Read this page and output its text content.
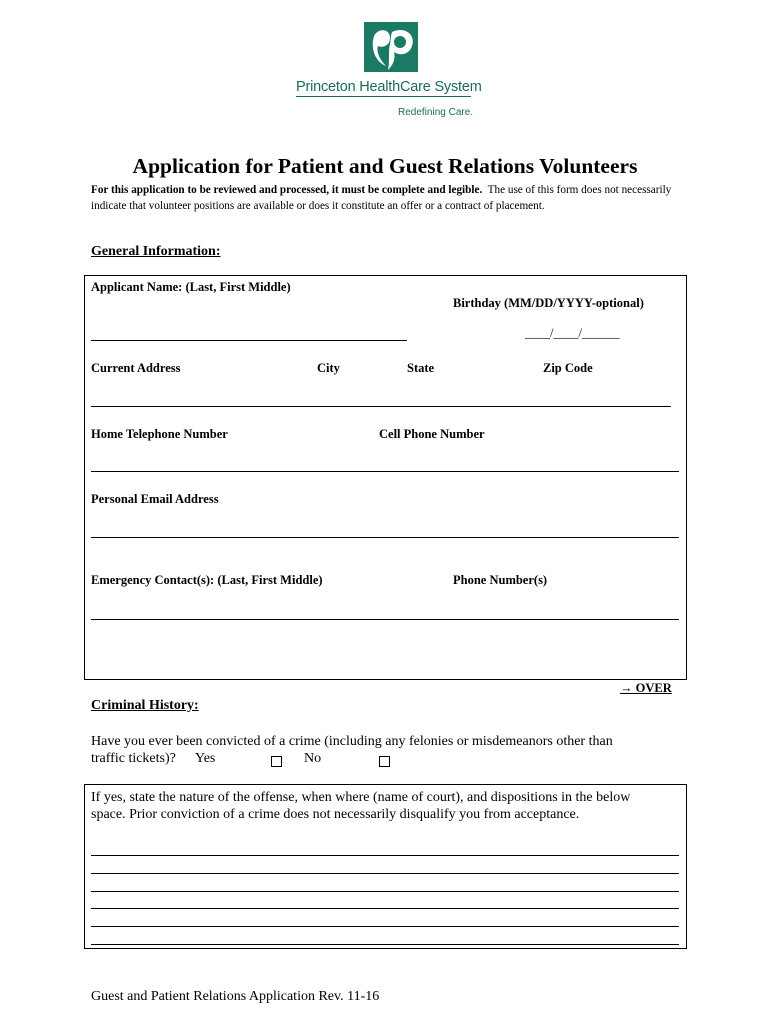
Princeton HealthCare System
Redefining Care.
Application for Patient and Guest Relations Volunteers
For this application to be reviewed and processed, it must be complete and legible. The use of this form does not necessarily indicate that volunteer positions are available or does it constitute an offer or a contract of placement.
General Information:
Applicant Name: (Last, First Middle)
Birthday (MM/DD/YYYY-optional)
____/____/______
Current Address	City	State	Zip Code
Home Telephone Number	Cell Phone Number
Personal Email Address
Emergency Contact(s): (Last, First Middle)	Phone Number(s)
→ OVER
Criminal History:
Have you ever been convicted of a crime (including any felonies or misdemeanors other than
traffic tickets)? Yes	No
If yes, state the nature of the offense, when where (name of court), and dispositions in the below
space. Prior conviction of a crime does not necessarily disqualify you from acceptance.
Guest and Patient Relations Application Rev. 11-16
